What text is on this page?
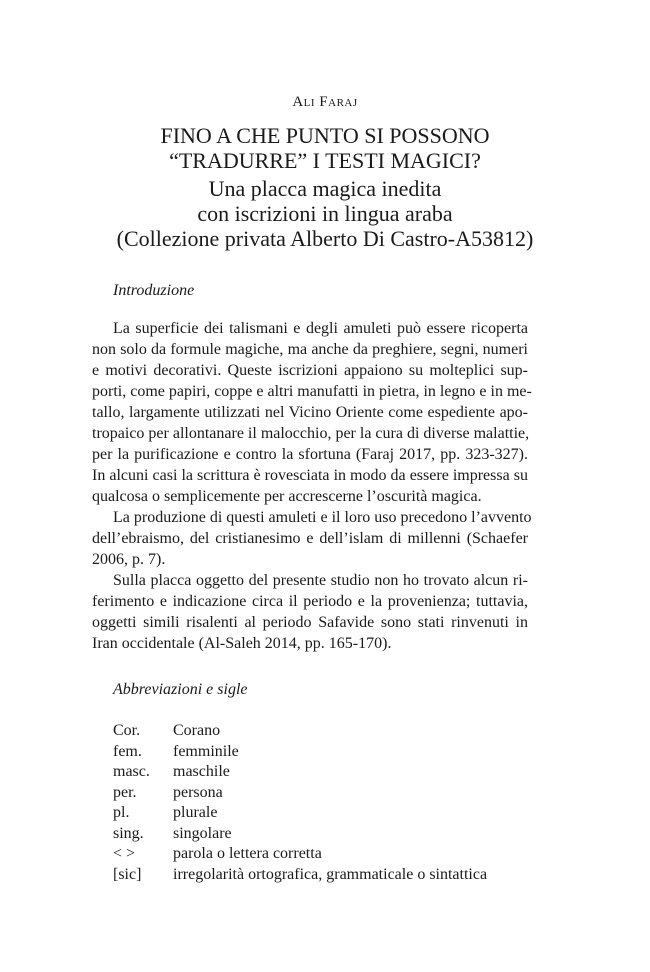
Ali Faraj
FINO A CHE PUNTO SI POSSONO
“TRADURRE” I TESTI MAGICI?
Una placca magica inedita
con iscrizioni in lingua araba
(Collezione privata Alberto Di Castro-A53812)
Introduzione
La superficie dei talismani e degli amuleti può essere ricoperta
non solo da formule magiche, ma anche da preghiere, segni, numeri
e motivi decorativi. Queste iscrizioni appaiono su molteplici sup-
porti, come papiri, coppe e altri manufatti in pietra, in legno e in me-
tallo, largamente utilizzati nel Vicino Oriente come espediente apo-
tropaico per allontanare il malocchio, per la cura di diverse malattie,
per la purificazione e contro la sfortuna (Faraj 2017, pp. 323-327).
In alcuni casi la scrittura è rovesciata in modo da essere impressa su
qualcosa o semplicemente per accrescerne l’oscurità magica.
La produzione di questi amuleti e il loro uso precedono l’avvento
dell’ebraismo, del cristianesimo e dell’islam di millenni (Schaefer
2006, p. 7).
Sulla placca oggetto del presente studio non ho trovato alcun ri-
ferimento e indicazione circa il periodo e la provenienza; tuttavia,
oggetti simili risalenti al periodo Safavide sono stati rinvenuti in
Iran occidentale (Al-Saleh 2014, pp. 165-170).
Abbreviazioni e sigle
Cor.	Corano
fem.	femminile
masc.	maschile
per.	persona
pl.	plurale
sing.	singolare
< >	parola o lettera corretta
[sic]	irregolarità ortografica, grammaticale o sintattica
